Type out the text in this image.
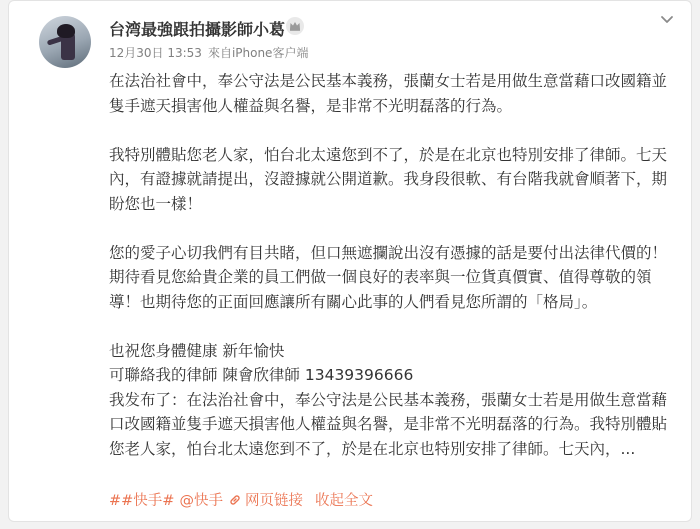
台湾最強跟拍攝影師小葛
12月30日 13:53 來自iPhone客户端

在法治社會中，奉公守法是公民基本義務，張蘭女士若是用做生意當藉口改國籍並隻手遮天損害他人權益與名譽，是非常不光明磊落的行為。

我特別體貼您老人家，怕台北太遠您到不了，於是在北京也特別安排了律師。七天內，有證據就請提出，沒證據就公開道歉。我身段很軟、有台階我就會順著下，期盼您也一樣！

您的愛子心切我們有目共睹，但口無遮攔說出沒有憑據的話是要付出法律代價的！期待看見您給貴企業的員工們做一個良好的表率與一位貨真價實、值得尊敬的領導！也期待您的正面回應讓所有關心此事的人們看見您所謂的「格局」。

也祝您身體健康 新年愉快

可聯絡我的律師 陳會欣律師 13439396666

我发布了：在法治社會中，奉公守法是公民基本義務，張蘭女士若是用做生意當藉口改國籍並隻手遮天損害他人權益與名譽，是非常不光明磊落的行為。我特別體貼您老人家，怕台北太遠您到不了，於是在北京也特別安排了律師。七天內，...

##快手# @快手 网页链接 收起全文
